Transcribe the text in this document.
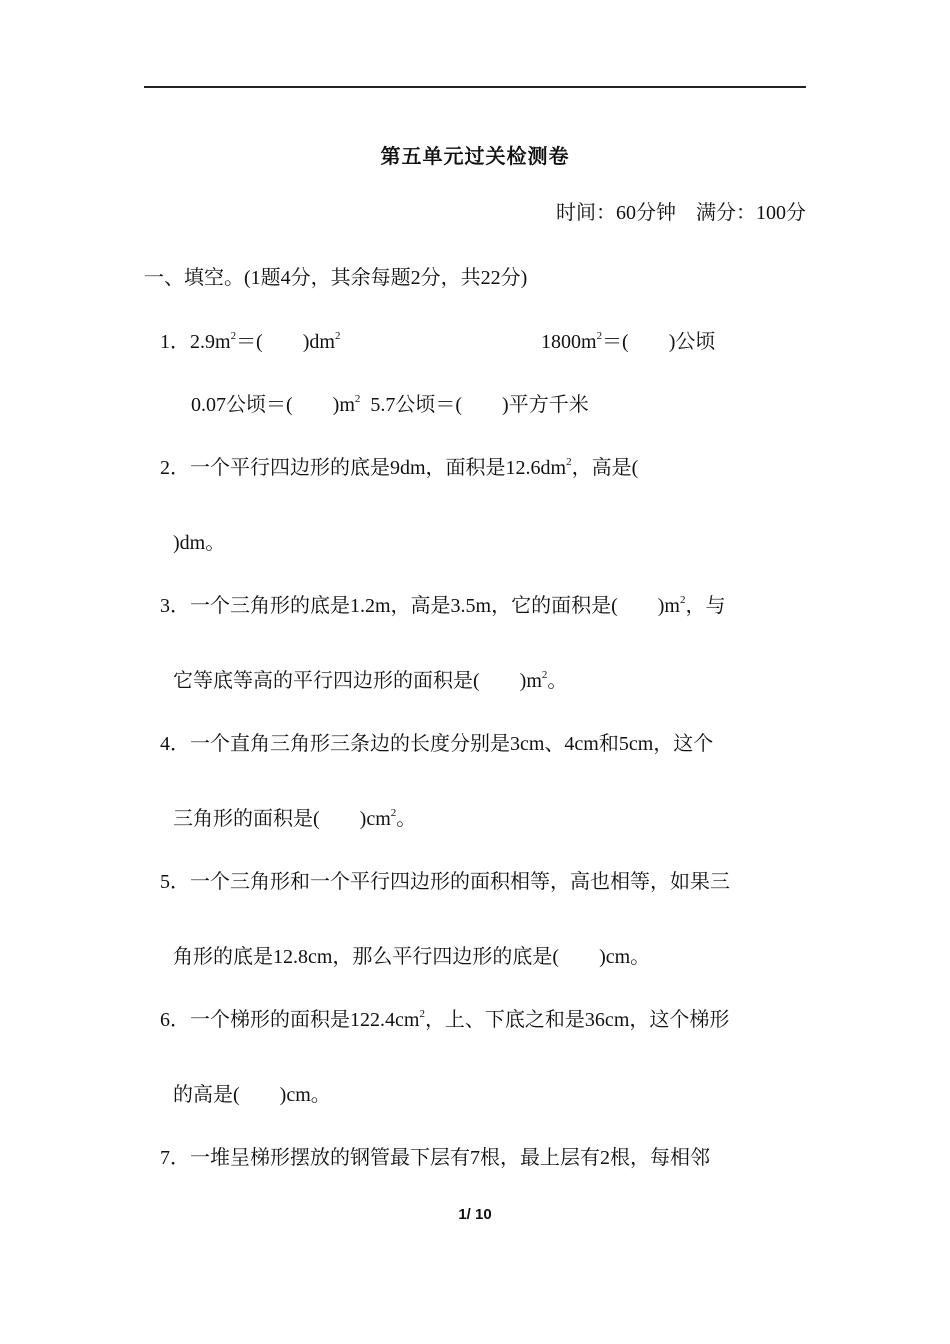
第五单元过关检测卷
时间：60分钟 满分：100分
一、填空。(1题4分，其余每题2分，共22分)
1．$2.9m^2=$(　　)$dm^2$	$1800m^2=$(　　)公顷
0.07公顷＝(　　)$m^2$ 5.7公顷＝(　　)平方千米
2．一个平行四边形的底是9dm，面积是$12.6dm^2$，高是(
)dm。
3．一个三角形的底是1.2m，高是3.5m，它的面积是(　　)$m^2$，与
它等底等高的平行四边形的面积是(　　)$m^2$。
4．一个直角三角形三条边的长度分别是3cm、4cm和5cm，这个
三角形的面积是(　　)$cm^2$。
5．一个三角形和一个平行四边形的面积相等，高也相等，如果三
角形的底是12.8cm，那么平行四边形的底是(　　)cm。
6．一个梯形的面积是$122.4cm^2$，上、下底之和是36cm，这个梯形
的高是(　　)cm。
7．一堆呈梯形摆放的钢管最下层有7根，最上层有2根，每相邻
1/ 10
